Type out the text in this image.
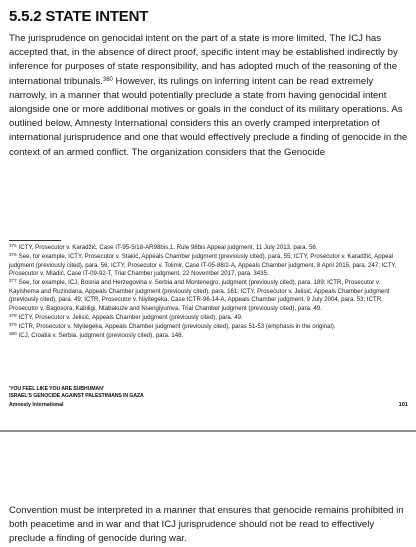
5.5.2 STATE INTENT
The jurisprudence on genocidal intent on the part of a state is more limited. The ICJ has accepted that, in the absence of direct proof, specific intent may be established indirectly by inference for purposes of state responsibility, and has adopted much of the reasoning of the international tribunals.$^{380}$ However, its rulings on inferring intent can be read extremely narrowly, in a manner that would potentially preclude a state from having genocidal intent alongside one or more additional motives or goals in the conduct of its military operations. As outlined below, Amnesty International considers this an overly cramped interpretation of international jurisprudence and one that would effectively preclude a finding of genocide in the context of an armed conflict. The organization considers that the Genocide
$^{375}$ ICTY, Prosecutor v. Karadžić, Case IT-95-5/18-AR98bis.1, Rule 98bis Appeal judgment, 11 July 2013, para. 56.
$^{376}$ See, for example, ICTY, Prosecutor v. Stakić, Appeals Chamber judgment (previously cited), para. 55; ICTY, Prosecutor v. Karadžić, Appeal judgment (previously cited), para. 56; ICTY, Prosecutor v. Tolimir, Case IT-05-88/2-A, Appeals Chamber judgment, 8 April 2015, para. 247; ICTY, Prosecutor v. Mladić, Case IT-09-92-T, Trial Chamber judgment, 22 November 2017, para. 3435.
$^{377}$ See, for example, ICJ, Bosnia and Herzegovina v. Serbia and Montenegro, judgment (previously cited), para. 189; ICTR, Prosecutor v. Kayishema and Ruzindana, Appeals Chamber judgment (previously cited), para. 161; ICTY, Prosecutor v. Jelisić, Appeals Chamber judgment (previously cited), para. 49; ICTR, Prosecutor v. Niyitegeka, Case ICTR-96-14-A, Appeals Chamber judgment, 9 July 2004, para. 53; ICTR, Prosecutor v. Bagosora, Kabiligi, Ntabakuze and Nsengiyumva, Trial Chamber judgment (previously cited), para. 49.
$^{378}$ ICTY, Prosecutor v. Jelisić, Appeals Chamber judgment (previously cited), para. 49.
$^{379}$ ICTR, Prosecutor v. Niyitegeka, Appeals Chamber judgment (previously cited), paras 51-53 (emphasis in the original).
$^{380}$ ICJ, Croatia v. Serbia, judgment (previously cited), para. 148.
'YOU FEEL LIKE YOU ARE SUBHUMAN'
ISRAEL'S GENOCIDE AGAINST PALESTINIANS IN GAZA
Amnesty International	101
Convention must be interpreted in a manner that ensures that genocide remains prohibited in both peacetime and in war and that ICJ jurisprudence should not be read to effectively preclude a finding of genocide during war.
